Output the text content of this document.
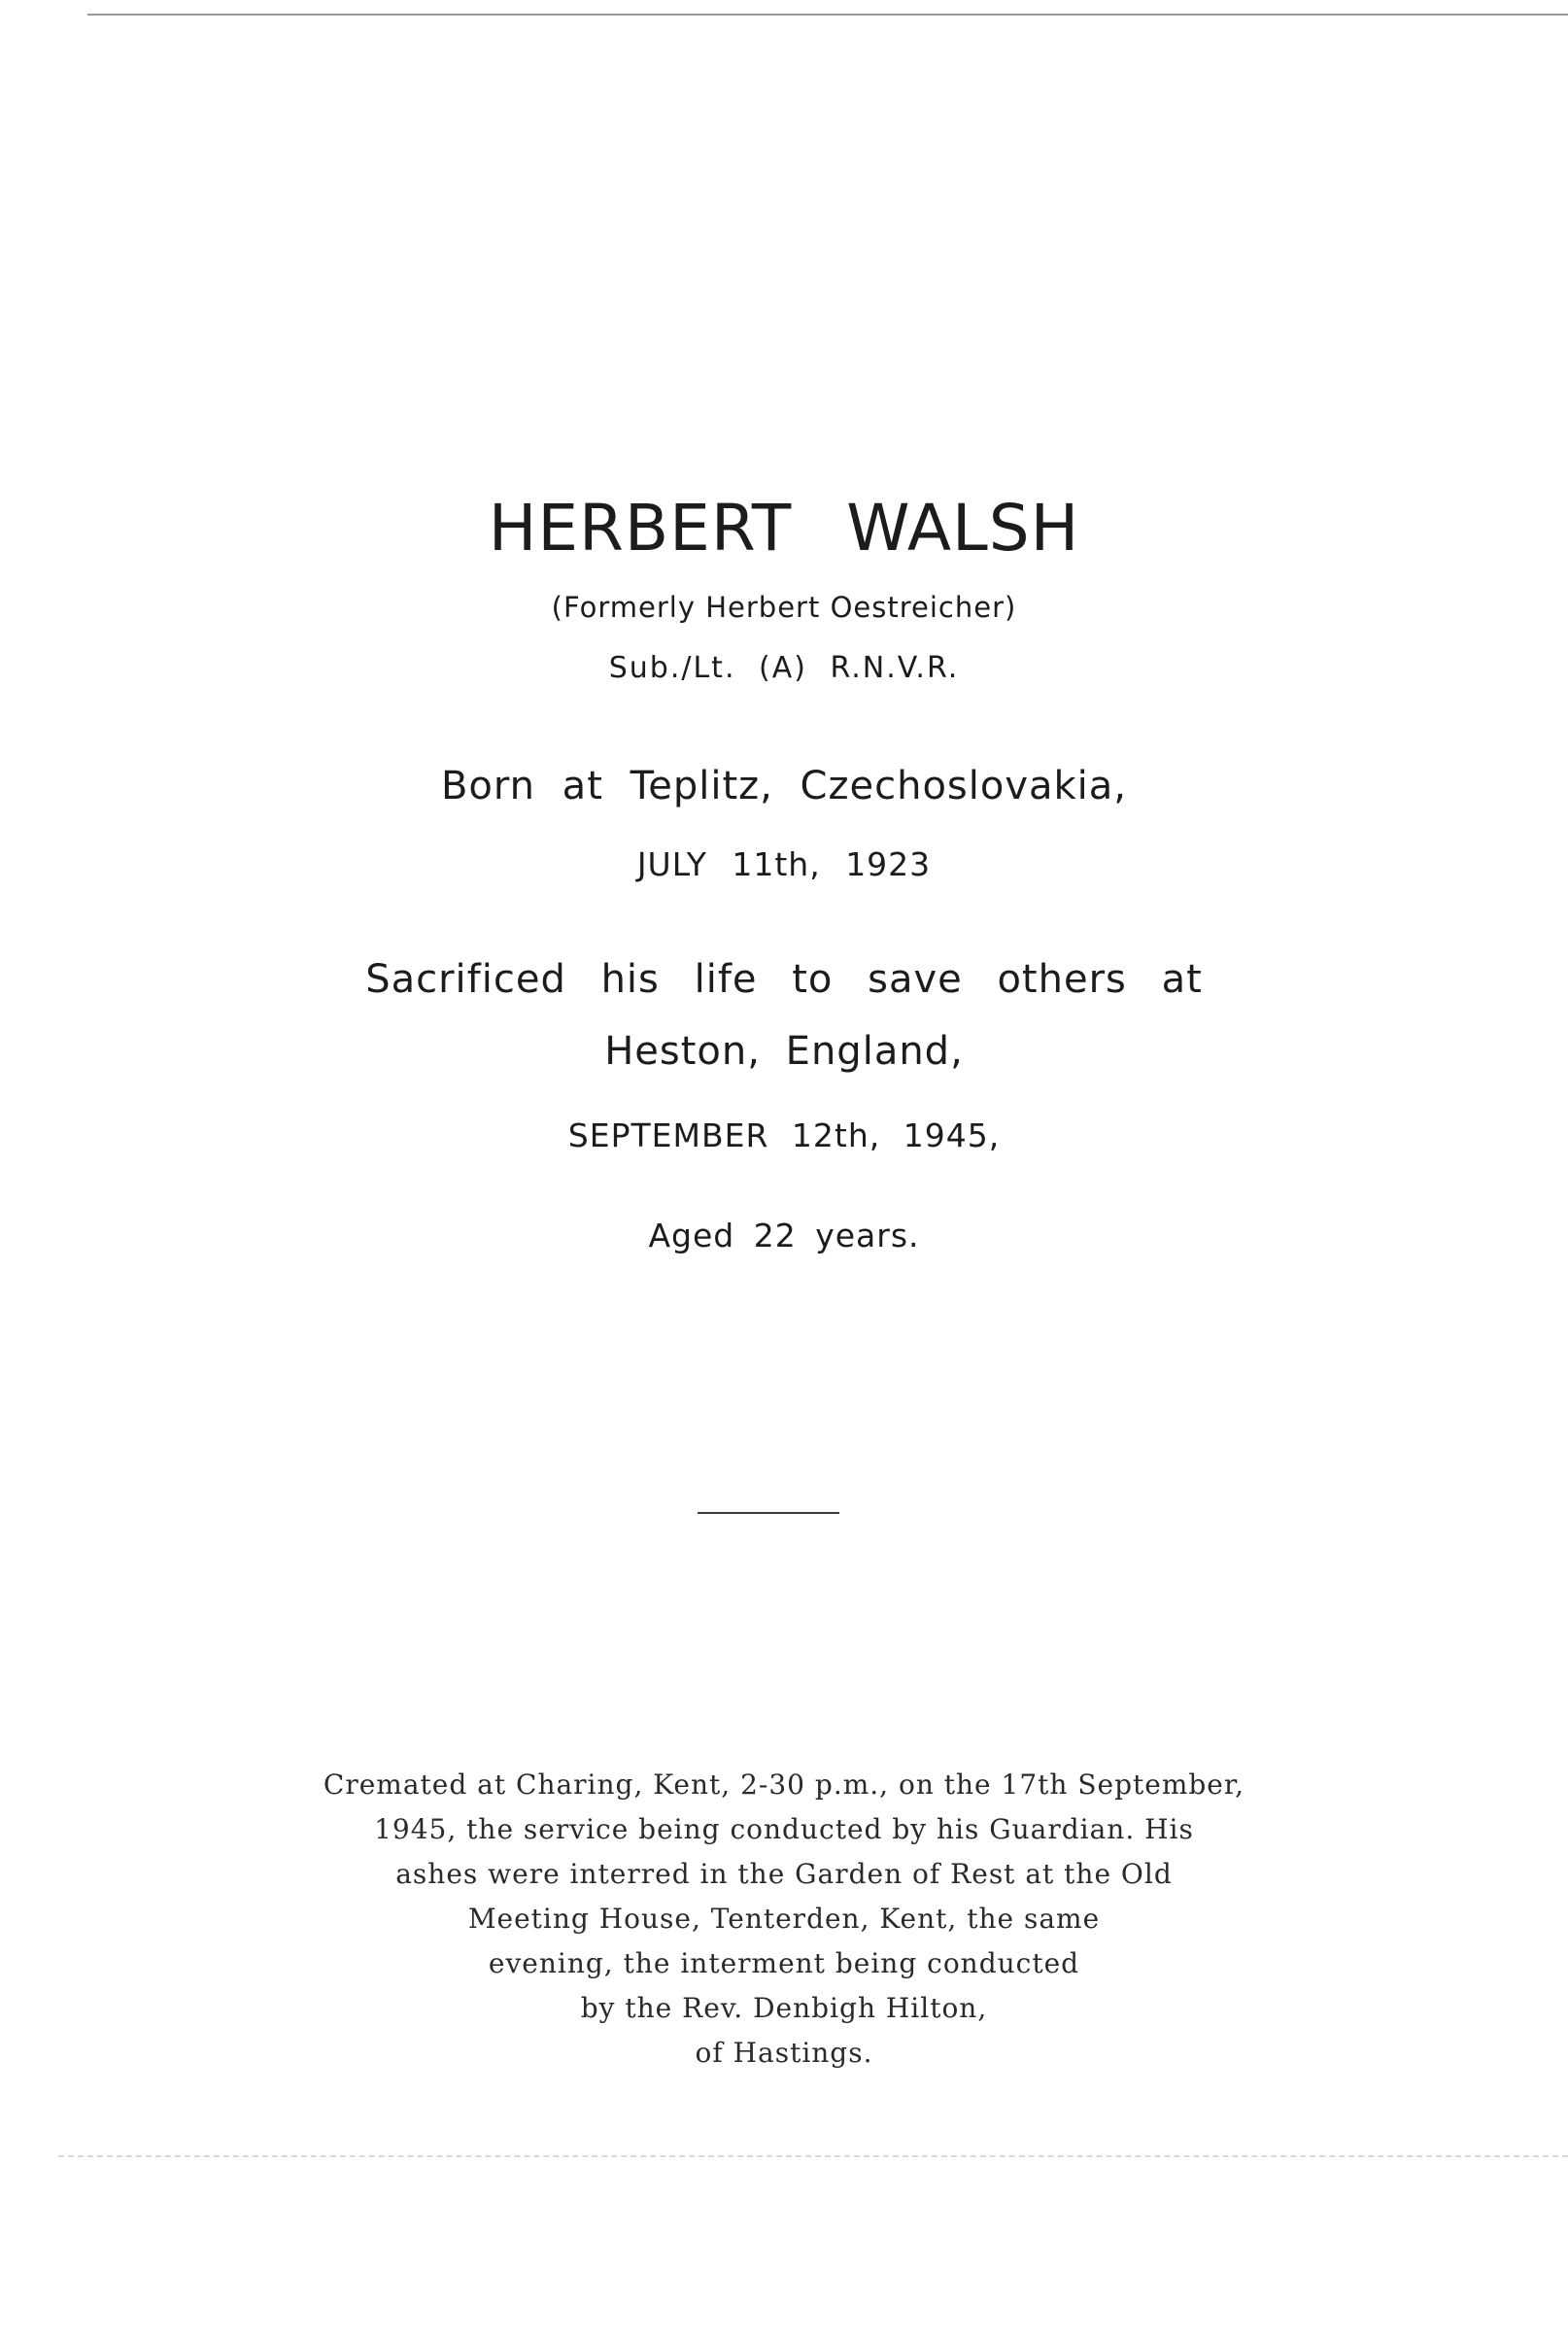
HERBERT WALSH
(Formerly Herbert Oestreicher)
Sub./Lt. (A) R.N.V.R.
Born at Teplitz, Czechoslovakia,
JULY 11th, 1923
Sacrificed his life to save others at
Heston, England,
SEPTEMBER 12th, 1945,
Aged 22 years.
Cremated at Charing, Kent, 2-30 p.m., on the 17th September,
1945, the service being conducted by his Guardian. His
ashes were interred in the Garden of Rest at the Old
Meeting House, Tenterden, Kent, the same
evening, the interment being conducted
by the Rev. Denbigh Hilton,
of Hastings.
